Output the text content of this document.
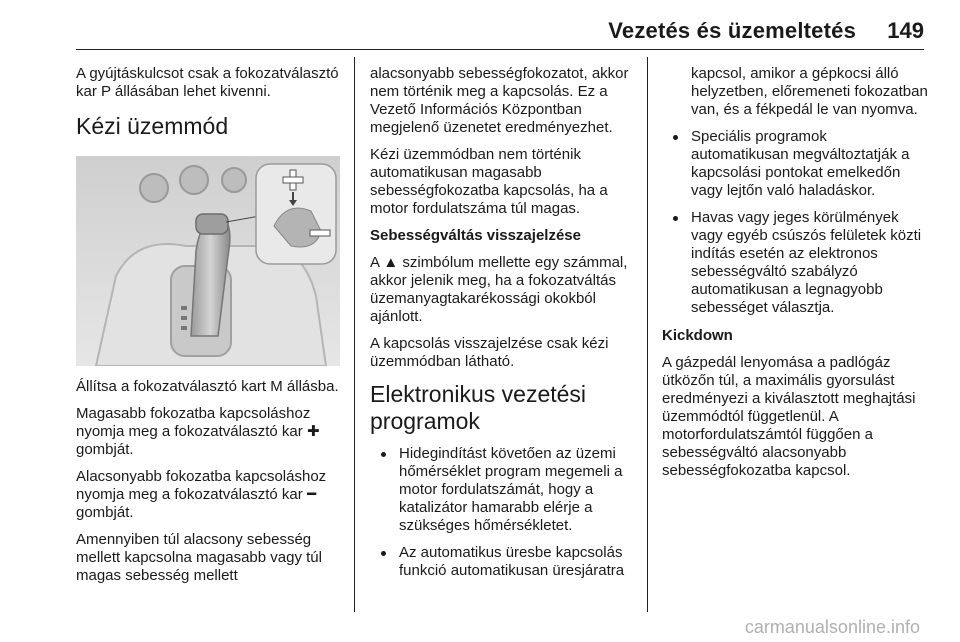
Vezetés és üzemeltetés 149

A gyújtáskulcsot csak a fokozatválasztó kar P állásában lehet kivenni.

Kézi üzemmód

Állítsa a fokozatválasztó kart M állásba.

Magasabb fokozatba kapcsoláshoz nyomja meg a fokozatválasztó kar ✚ gombját.

Alacsonyabb fokozatba kapcsoláshoz nyomja meg a fokozatválasztó kar ━ gombját.

Amennyiben túl alacsony sebesség mellett kapcsolna magasabb vagy túl magas sebesség mellett

alacsonyabb sebességfokozatot, akkor nem történik meg a kapcsolás. Ez a Vezető Információs Központban megjelenő üzenetet eredményezhet.

Kézi üzemmódban nem történik automatikusan magasabb sebességfokozatba kapcsolás, ha a motor fordulatszáma túl magas.

Sebességváltás visszajelzése

A ▲ szimbólum mellette egy számmal, akkor jelenik meg, ha a fokozatváltás üzemanyagtakarékossági okokból ajánlott.

A kapcsolás visszajelzése csak kézi üzemmódban látható.

Elektronikus vezetési programok
Hidegindítást követően az üzemi hőmérséklet program megemeli a motor fordulatszámát, hogy a katalizátor hamarabb elérje a szükséges hőmérsékletet.
Az automatikus üresbe kapcsolás funkció automatikusan üresjáratra

kapcsol, amikor a gépkocsi álló helyzetben, előremeneti fokozatban van, és a fékpedál le van nyomva.

Speciális programok automatikusan megváltoztatják a kapcsolási pontokat emelkedőn vagy lejtőn való haladáskor.
Havas vagy jeges körülmények vagy egyéb csúszós felületek közti indítás esetén az elektronos sebességváltó szabályzó automatikusan a legnagyobb sebességet választja.
Kickdown

A gázpedál lenyomása a padlógáz ütközőn túl, a maximális gyorsulást eredményezi a kiválasztott meghajtási üzemmódtól függetlenül. A motorfordulatszámtól függően a sebességváltó alacsonyabb sebességfokozatba kapcsol.

carmanualsonline.info
